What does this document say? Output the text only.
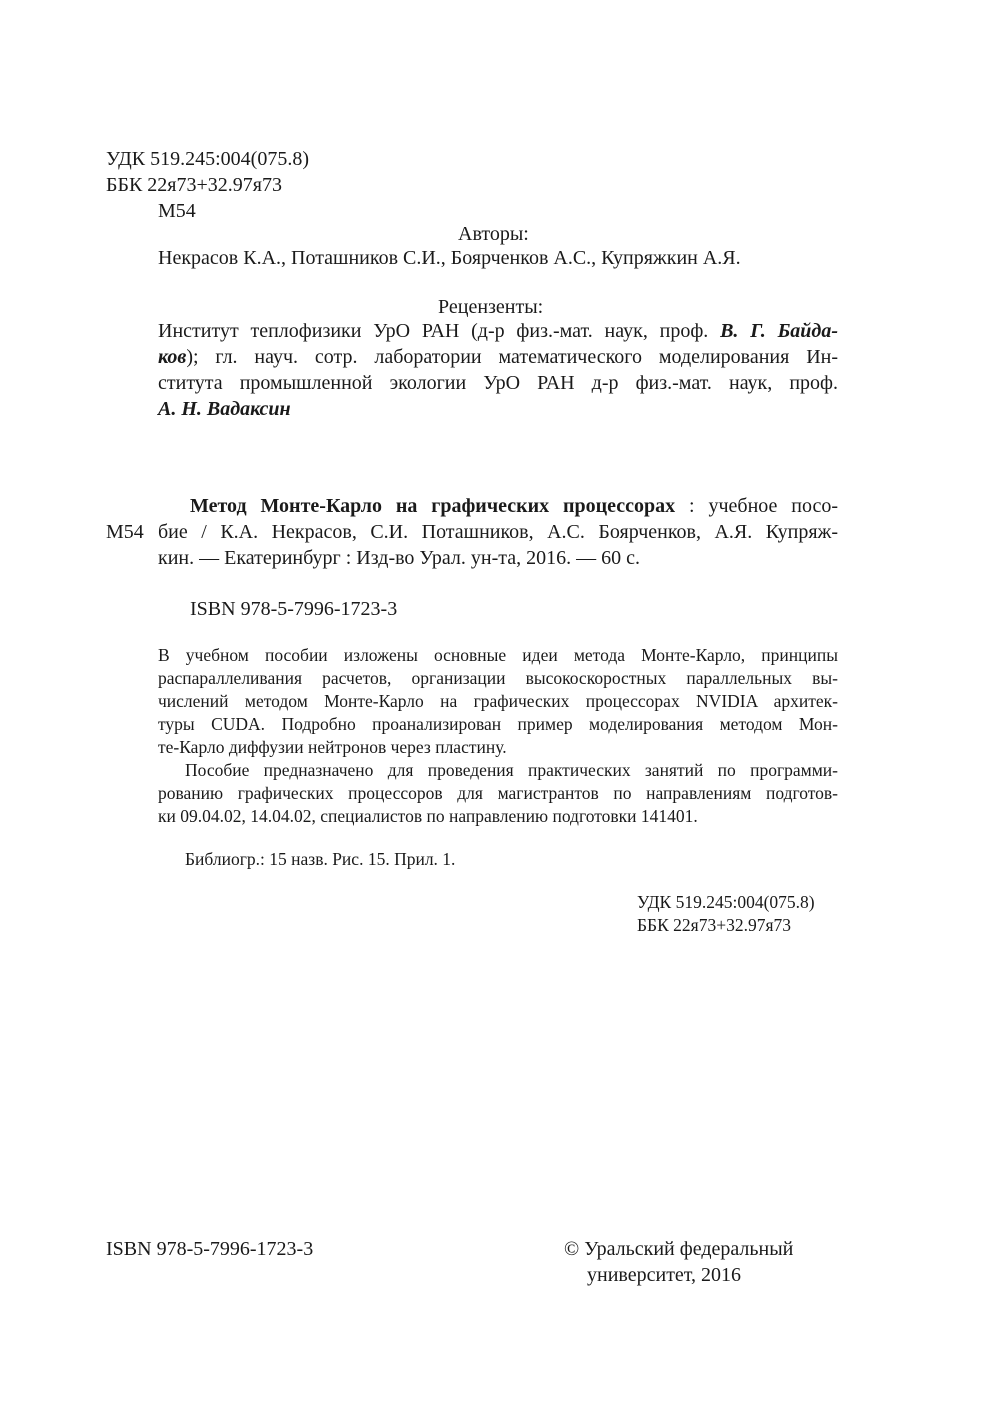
УДК 519.245:004(075.8)
ББК 22я73+32.97я73
М54
Авторы:
Некрасов К.А., Поташников С.И., Боярченков А.С., Купряжкин А.Я.
Рецензенты:
Институт теплофизики УрО РАН (д-р физ.-мат. наук, проф. В. Г. Байда-
ков); гл. науч. сотр. лаборатории математического моделирования Ин-
ститута промышленной экологии УрО РАН д-р физ.-мат. наук, проф.
А. Н. Вадаксин
Метод Монте-Карло на графических процессорах : учебное посо-
М54 бие / К.А. Некрасов, С.И. Поташников, А.С. Боярченков, А.Я. Купряж-
кин. — Екатеринбург : Изд-во Урал. ун-та, 2016. — 60 с.
ISBN 978-5-7996-1723-3
В учебном пособии изложены основные идеи метода Монте-Карло, принципы
распараллеливания расчетов, организации высокоскоростных параллельных вы-
числений методом Монте-Карло на графических процессорах NVIDIA архитек-
туры CUDA. Подробно проанализирован пример моделирования методом Мон-
те-Карло диффузии нейтронов через пластину.
Пособие предназначено для проведения практических занятий по программи-
рованию графических процессоров для магистрантов по направлениям подготов-
ки 09.04.02, 14.04.02, специалистов по направлению подготовки 141401.
Библиогр.: 15 назв. Рис. 15. Прил. 1.
УДК 519.245:004(075.8)
ББК 22я73+32.97я73
ISBN 978-5-7996-1723-3	© Уральский федеральный
университет, 2016
